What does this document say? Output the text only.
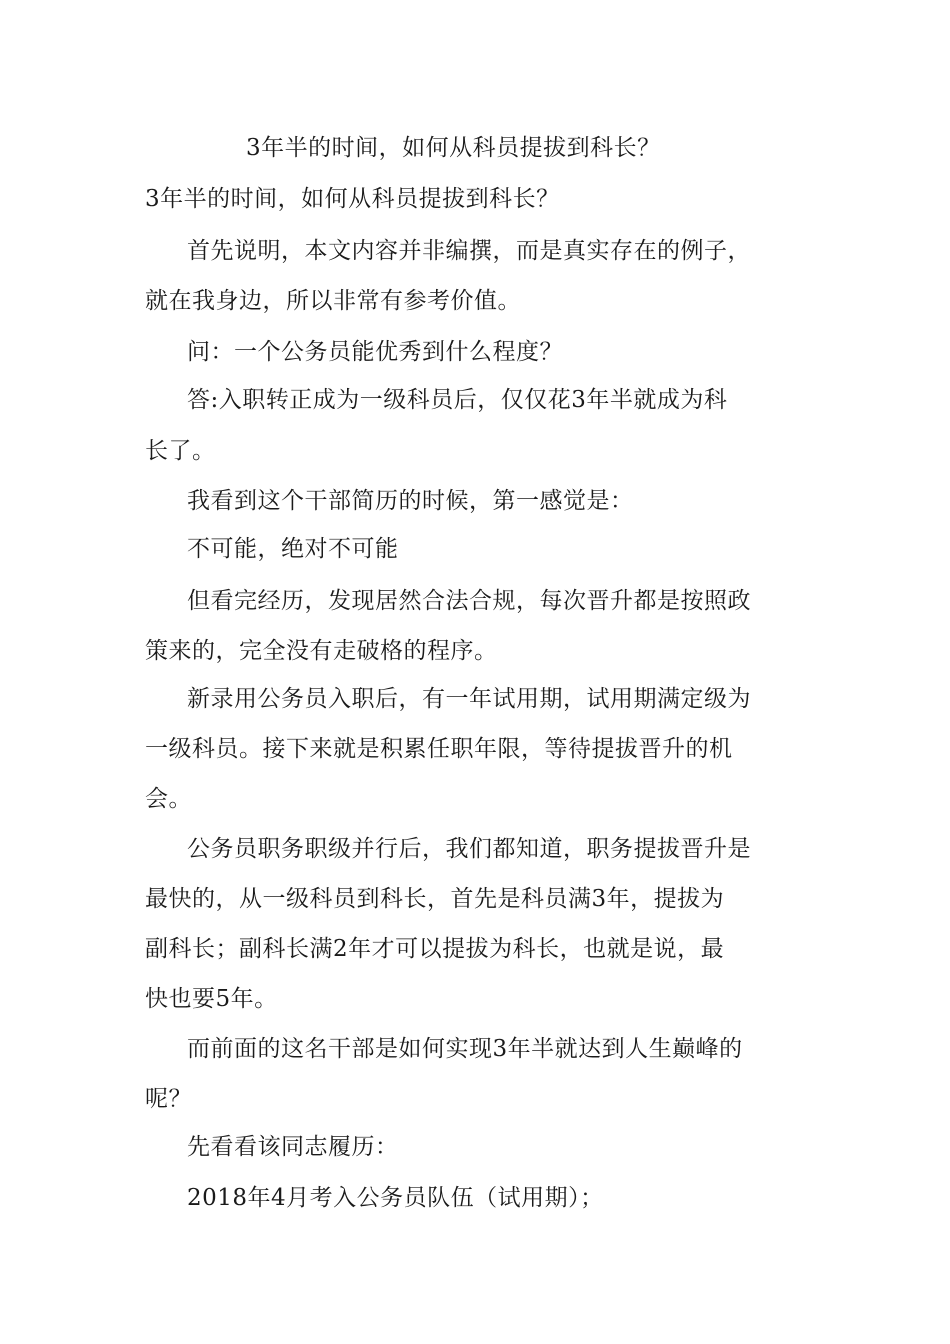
3年半的时间，如何从科员提拔到科长？
3年半的时间，如何从科员提拔到科长？
首先说明，本文内容并非编撰，而是真实存在的例子，
就在我身边，所以非常有参考价值。
问：一个公务员能优秀到什么程度？
答:入职转正成为一级科员后，仅仅花3年半就成为科
长了。
我看到这个干部简历的时候，第一感觉是：
不可能，绝对不可能
但看完经历，发现居然合法合规，每次晋升都是按照政
策来的，完全没有走破格的程序。
新录用公务员入职后，有一年试用期，试用期满定级为
一级科员。接下来就是积累任职年限，等待提拔晋升的机
会。
公务员职务职级并行后，我们都知道，职务提拔晋升是
最快的，从一级科员到科长，首先是科员满3年，提拔为
副科长；副科长满2年才可以提拔为科长，也就是说，最
快也要5年。
而前面的这名干部是如何实现3年半就达到人生巅峰的
呢？
先看看该同志履历：
2018年4月考入公务员队伍（试用期）；
